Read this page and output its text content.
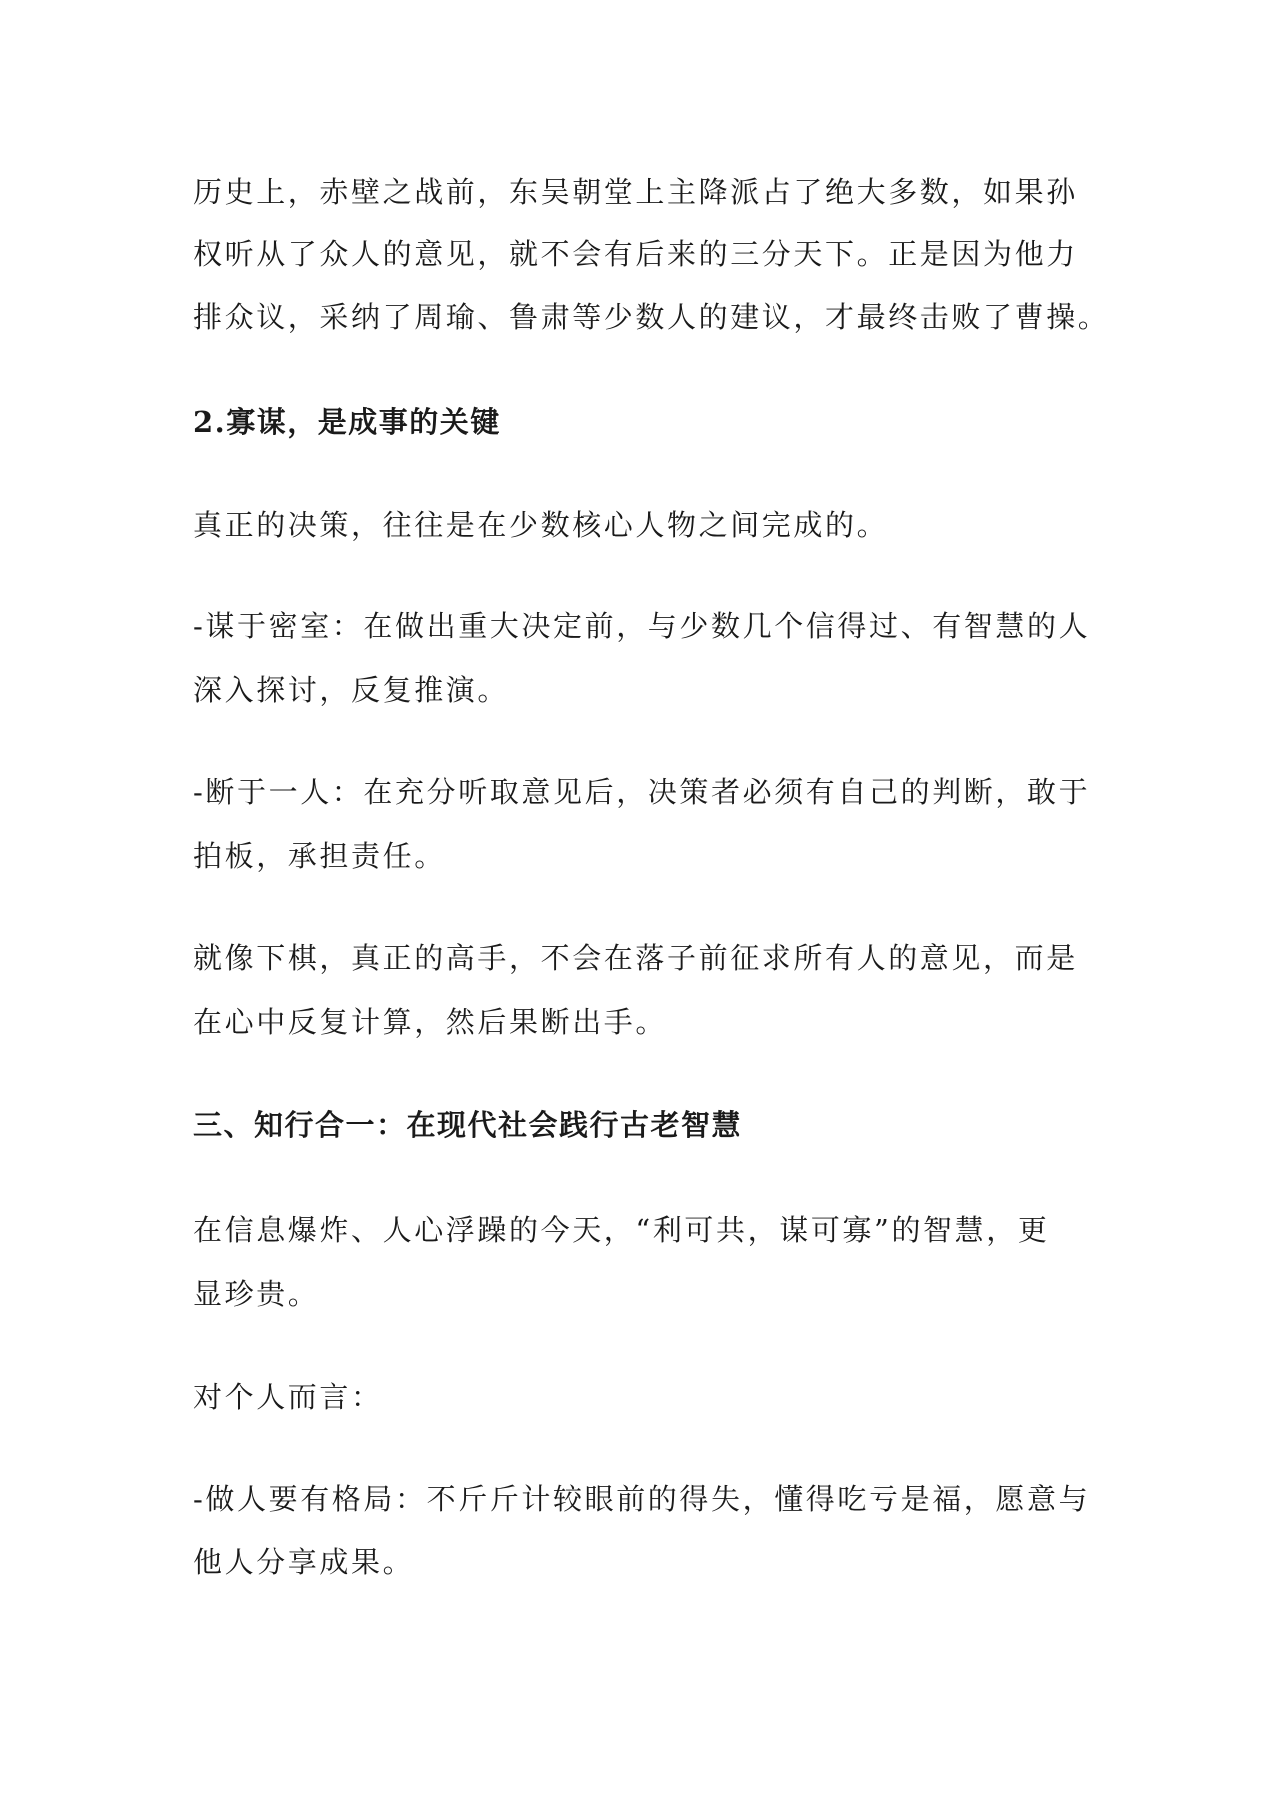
历史上，赤壁之战前，东吴朝堂上主降派占了绝大多数，如果孙
权听从了众人的意见，就不会有后来的三分天下。正是因为他力
排众议，采纳了周瑜、鲁肃等少数人的建议，才最终击败了曹操。
2.寡谋，是成事的关键
真正的决策，往往是在少数核心人物之间完成的。
-谋于密室：在做出重大决定前，与少数几个信得过、有智慧的人
深入探讨，反复推演。
-断于一人：在充分听取意见后，决策者必须有自己的判断，敢于
拍板，承担责任。
就像下棋，真正的高手，不会在落子前征求所有人的意见，而是
在心中反复计算，然后果断出手。
三、知行合一：在现代社会践行古老智慧
在信息爆炸、人心浮躁的今天，“利可共，谋可寡”的智慧，更
显珍贵。
对个人而言：
-做人要有格局：不斤斤计较眼前的得失，懂得吃亏是福，愿意与
他人分享成果。
